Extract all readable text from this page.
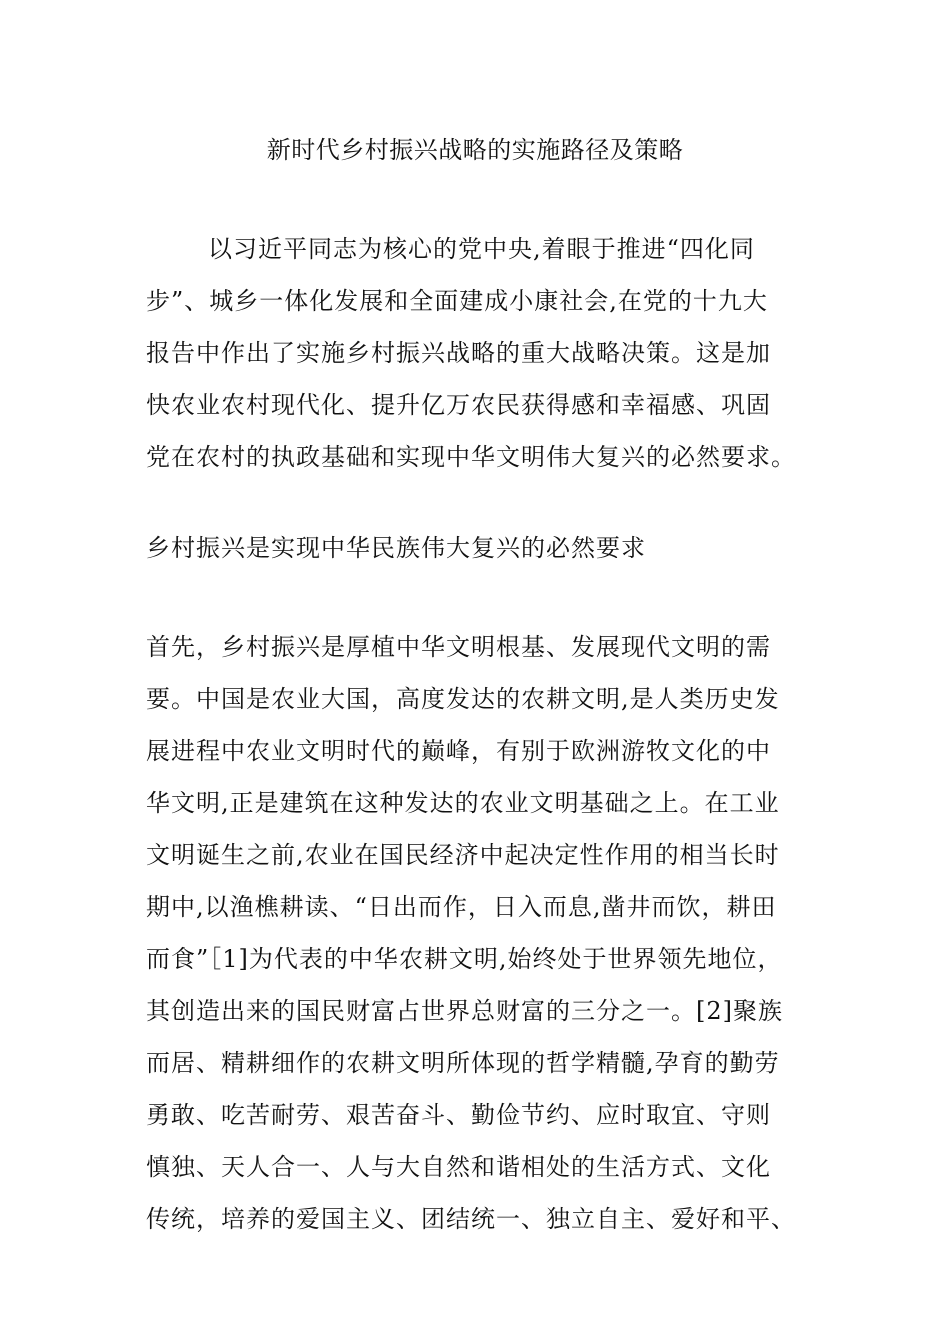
新时代乡村振兴战略的实施路径及策略
以习近平同志为核心的党中央,着眼于推进“四化同
步”、城乡一体化发展和全面建成小康社会,在党的十九大
报告中作出了实施乡村振兴战略的重大战略决策。这是加
快农业农村现代化、提升亿万农民获得感和幸福感、巩固
党在农村的执政基础和实现中华文明伟大复兴的必然要求。
乡村振兴是实现中华民族伟大复兴的必然要求
首先，乡村振兴是厚植中华文明根基、发展现代文明的需
要。中国是农业大国，高度发达的农耕文明,是人类历史发
展进程中农业文明时代的巅峰，有别于欧洲游牧文化的中
华文明,正是建筑在这种发达的农业文明基础之上。在工业
文明诞生之前,农业在国民经济中起决定性作用的相当长时
期中,以渔樵耕读、“日出而作，日入而息,凿井而饮，耕田
而食”［1]为代表的中华农耕文明,始终处于世界领先地位，
其创造出来的国民财富占世界总财富的三分之一。[2]聚族
而居、精耕细作的农耕文明所体现的哲学精髓,孕育的勤劳
勇敢、吃苦耐劳、艰苦奋斗、勤俭节约、应时取宜、守则
慎独、天人合一、人与大自然和谐相处的生活方式、文化
传统，培养的爱国主义、团结统一、独立自主、爱好和平、
